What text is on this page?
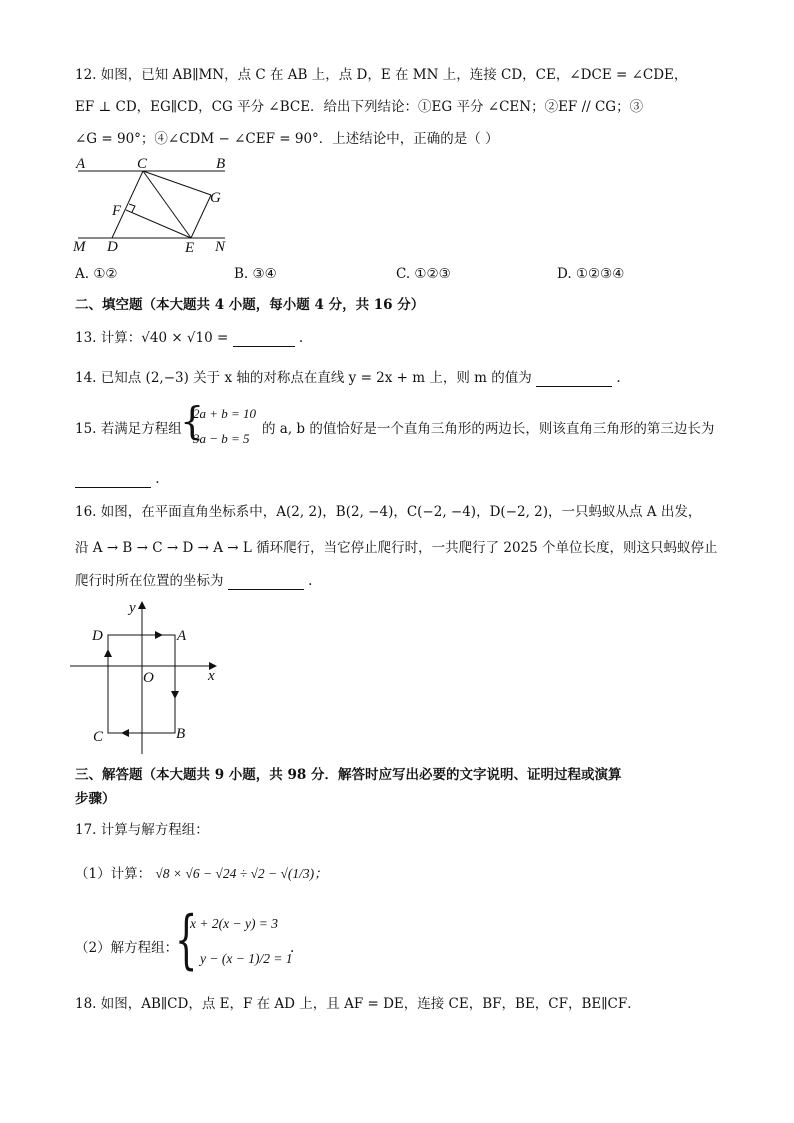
12. 如图，已知 AB∥MN，点 C 在 AB 上，点 D，E 在 MN 上，连接 CD，CE，∠DCE = ∠CDE，
EF ⊥ CD，EG∥CD，CG 平分 ∠BCE．给出下列结论：①EG 平分 ∠CEN；②EF // CG；③
∠G = 90°；④∠CDM − ∠CEF = 90°．上述结论中，正确的是（ ）
A	C	B
G
F
M D	E N
A. ①②	B. ③④	C. ①②③	D. ①②③④
二、填空题（本大题共 4 小题，每小题 4 分，共 16 分）
13. 计算：√40 × √10 =	.
14. 已知点 (2,−3) 关于 x 轴的对称点在直线 y = 2x + m 上，则 m 的值为	.
15. 若满足方程组
{
2a + b = 10
3a − b = 5
的 a, b 的值恰好是一个直角三角形的两边长，则该直角三角形的第三边长为
.
16. 如图，在平面直角坐标系中，A(2, 2)，B(2, −4)，C(−2, −4)，D(−2, 2)，一只蚂蚁从点 A 出发，
沿 A → B → C → D → A → L 循环爬行，当它停止爬行时，一共爬行了 2025 个单位长度，则这只蚂蚁停止
爬行时所在位置的坐标为	.
y
D	A
O	x
C	B
三、解答题（本大题共 9 小题，共 98 分．解答时应写出必要的文字说明、证明过程或演算
步骤）
17. 计算与解方程组：
（1）计算： √8 × √6 − √24 ÷ √2 − √(1/3)；
（2）解方程组：
{
x + 2(x − y) = 3
y − (x − 1)/2 = 1
.
18. 如图，AB∥CD，点 E，F 在 AD 上，且 AF = DE，连接 CE，BF，BE，CF，BE∥CF．
